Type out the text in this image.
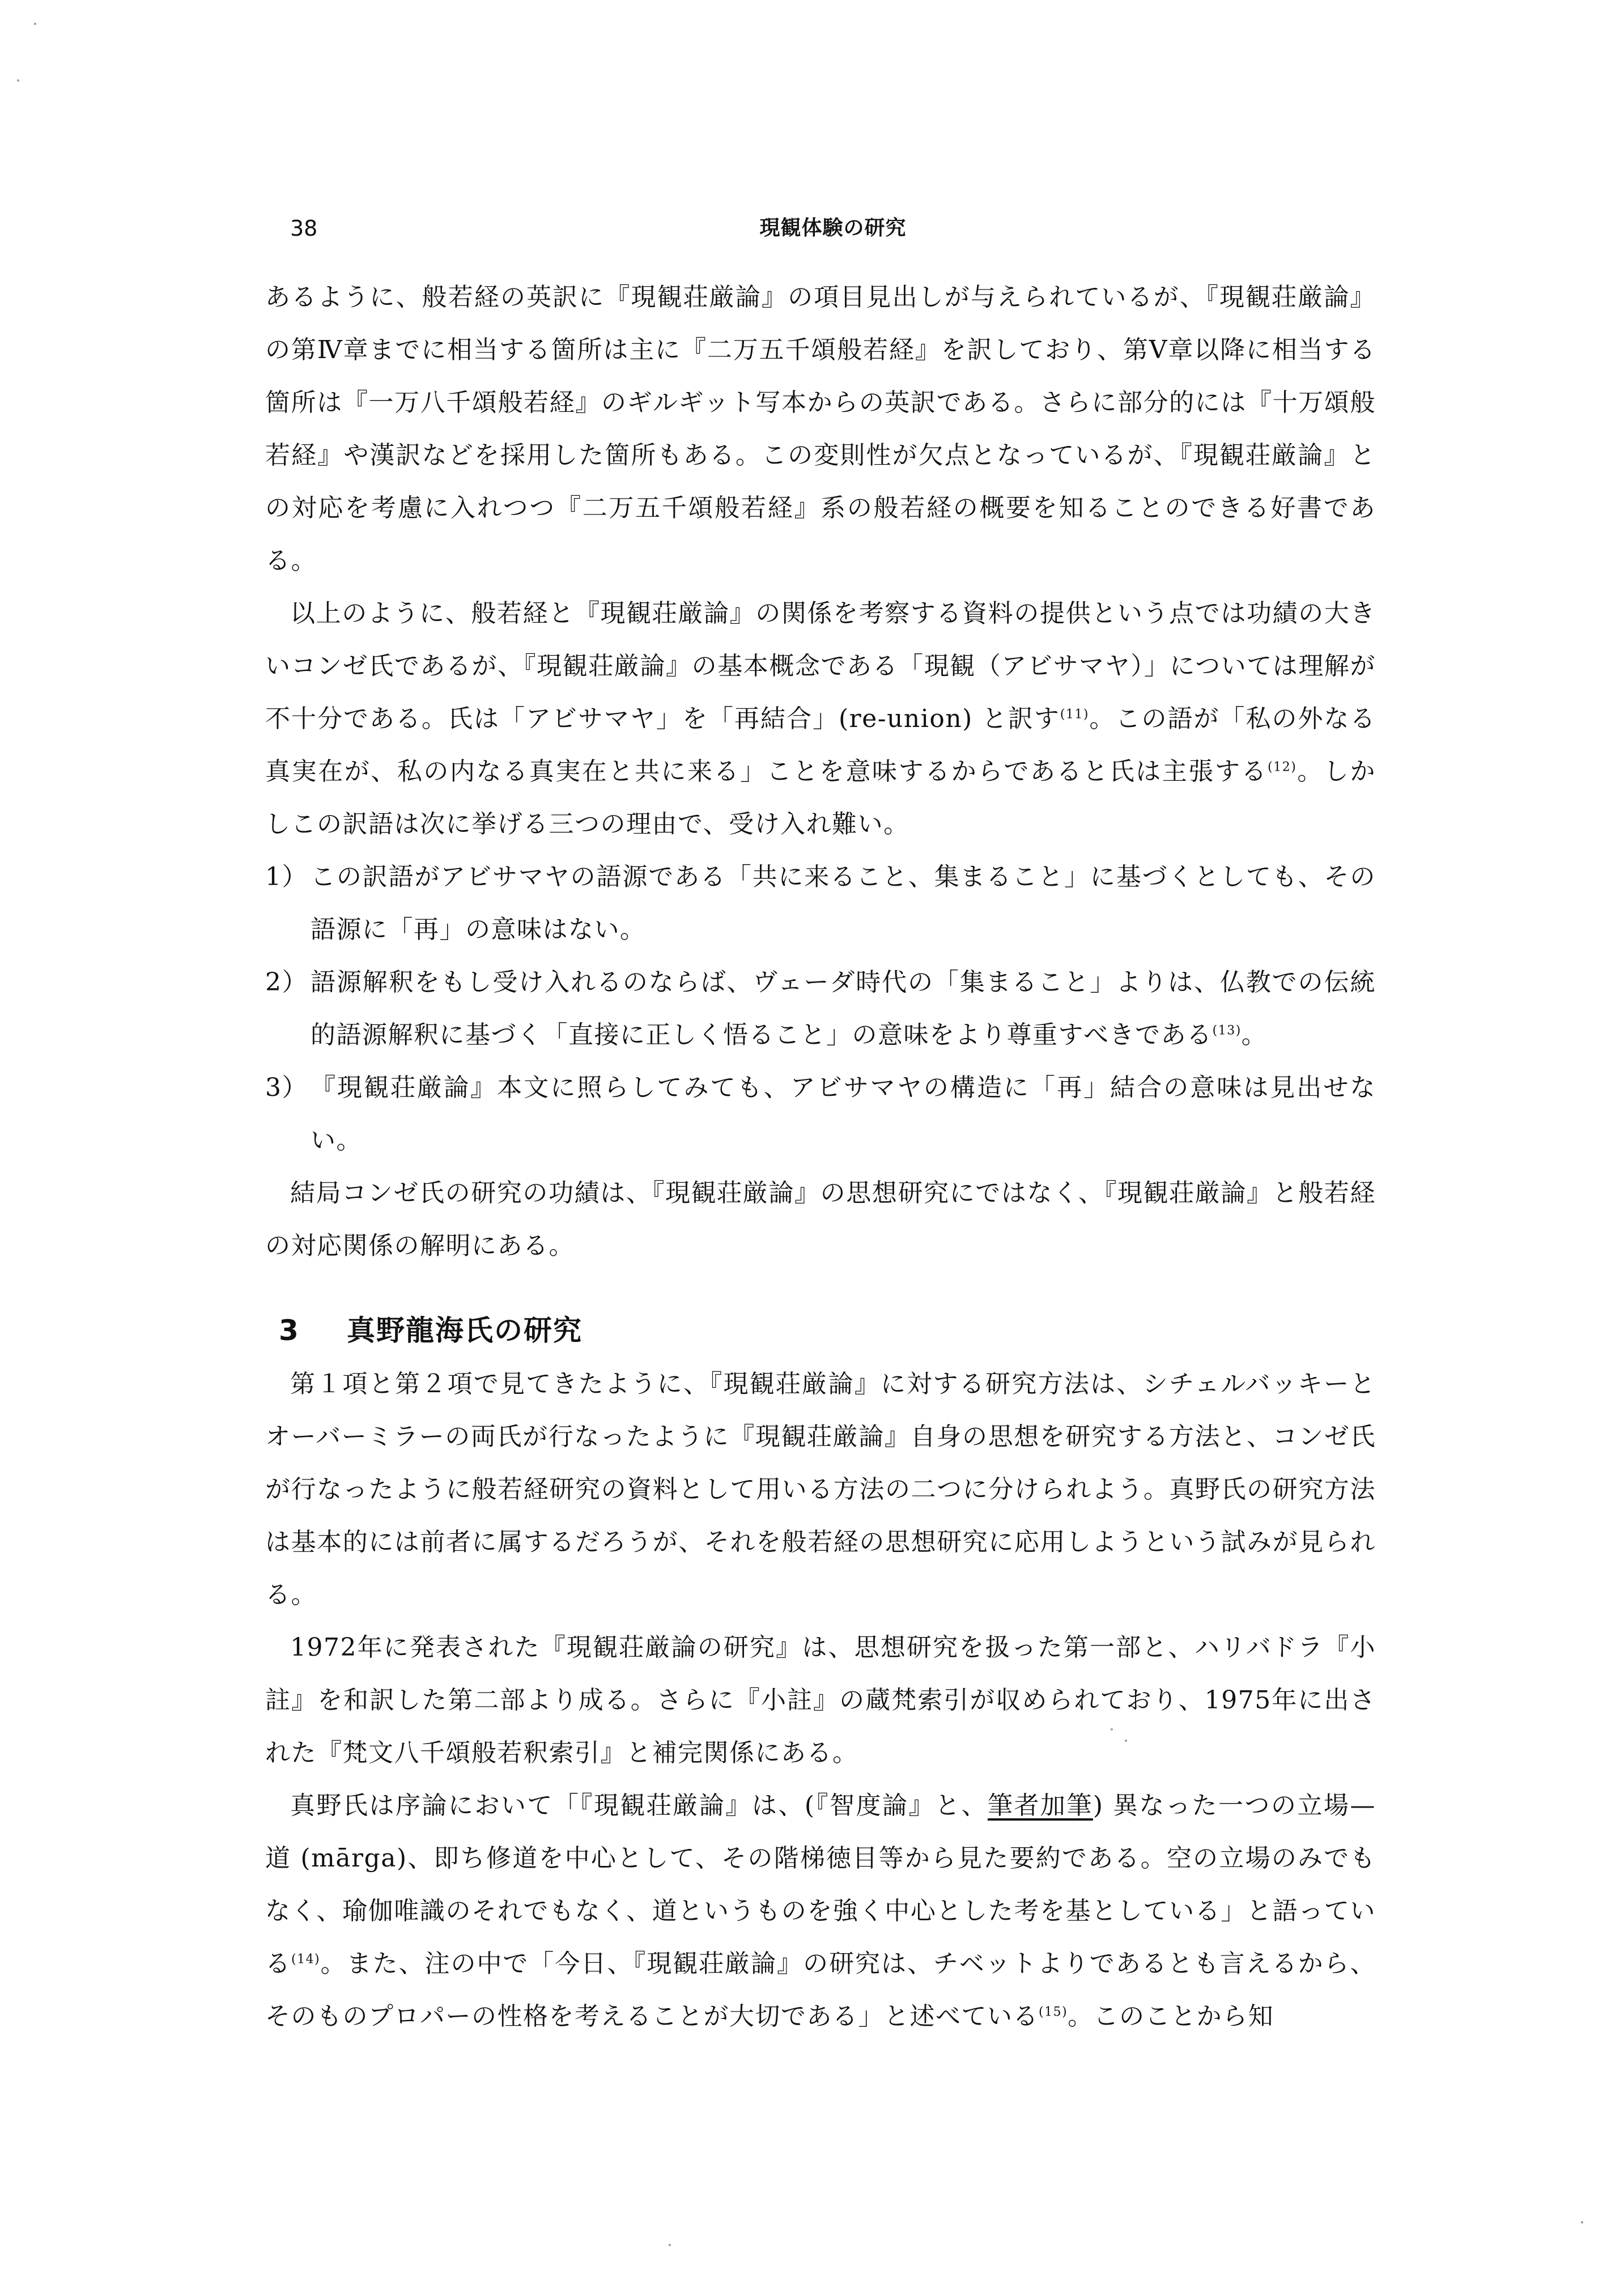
38	現観体験の研究

あるように、般若経の英訳に『現観荘厳論』の項目見出しが与えられているが、『現観荘厳論』の第Ⅳ章までに相当する箇所は主に『二万五千頌般若経』を訳しており、第Ⅴ章以降に相当する箇所は『一万八千頌般若経』のギルギット写本からの英訳である。さらに部分的には『十万頌般若経』や漢訳などを採用した箇所もある。この変則性が欠点となっているが、『現観荘厳論』との対応を考慮に入れつつ『二万五千頌般若経』系の般若経の概要を知ることのできる好書である。

以上のように、般若経と『現観荘厳論』の関係を考察する資料の提供という点では功績の大きいコンゼ氏であるが、『現観荘厳論』の基本概念である「現観（アビサマヤ）」については理解が不十分である。氏は「アビサマヤ」を「再結合」(re-union) と訳す$^{(11)}$。この語が「私の外なる真実在が、私の内なる真実在と共に来る」ことを意味するからであると氏は主張する$^{(12)}$。しかしこの訳語は次に挙げる三つの理由で、受け入れ難い。

1） この訳語がアビサマヤの語源である「共に来ること、集まること」に基づくとしても、その語源に「再」の意味はない。
2） 語源解釈をもし受け入れるのならば、ヴェーダ時代の「集まること」よりは、仏教での伝統的語源解釈に基づく「直接に正しく悟ること」の意味をより尊重すべきである$^{(13)}$。
3） 『現観荘厳論』本文に照らしてみても、アビサマヤの構造に「再」結合の意味は見出せない。

結局コンゼ氏の研究の功績は、『現観荘厳論』の思想研究にではなく、『現観荘厳論』と般若経の対応関係の解明にある。

3 真野龍海氏の研究

第１項と第２項で見てきたように、『現観荘厳論』に対する研究方法は、シチェルバッキーとオーバーミラーの両氏が行なったように『現観荘厳論』自身の思想を研究する方法と、コンゼ氏が行なったように般若経研究の資料として用いる方法の二つに分けられよう。真野氏の研究方法は基本的には前者に属するだろうが、それを般若経の思想研究に応用しようという試みが見られる。

1972年に発表された『現観荘厳論の研究』は、思想研究を扱った第一部と、ハリバドラ『小註』を和訳した第二部より成る。さらに『小註』の蔵梵索引が収められており、1975年に出された『梵文八千頌般若釈索引』と補完関係にある。

真野氏は序論において「『現観荘厳論』は、(『智度論』と、筆者加筆) 異なった一つの立場—道 (mārga)、即ち修道を中心として、その階梯徳目等から見た要約である。空の立場のみでもなく、瑜伽唯識のそれでもなく、道というものを強く中心とした考を基としている」と語っている$^{(14)}$。また、注の中で「今日、『現観荘厳論』の研究は、チベットよりであるとも言えるから、そのものプロパーの性格を考えることが大切である」と述べている$^{(15)}$。このことから知
